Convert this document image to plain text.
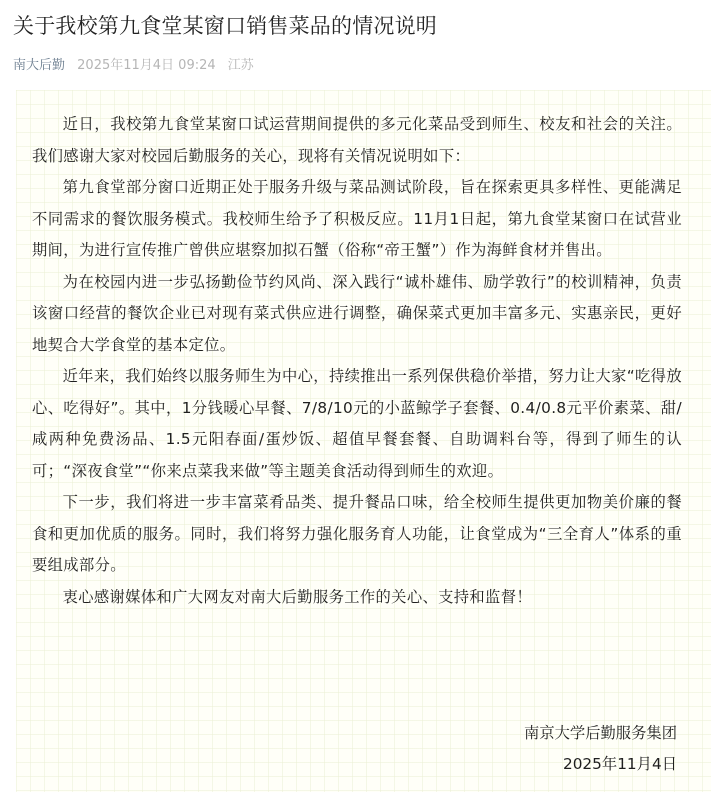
关于我校第九食堂某窗口销售菜品的情况说明
南大后勤 2025年11月4日 09:24 江苏

近日，我校第九食堂某窗口试运营期间提供的多元化菜品受到师生、校友和社会的关注。我们感谢大家对校园后勤服务的关心，现将有关情况说明如下：

第九食堂部分窗口近期正处于服务升级与菜品测试阶段，旨在探索更具多样性、更能满足不同需求的餐饮服务模式。我校师生给予了积极反应。11月1日起，第九食堂某窗口在试营业期间，为进行宣传推广曾供应堪察加拟石蟹（俗称“帝王蟹”）作为海鲜食材并售出。

为在校园内进一步弘扬勤俭节约风尚、深入践行“诚朴雄伟、励学敦行”的校训精神，负责该窗口经营的餐饮企业已对现有菜式供应进行调整，确保菜式更加丰富多元、实惠亲民，更好地契合大学食堂的基本定位。

近年来，我们始终以服务师生为中心，持续推出一系列保供稳价举措，努力让大家“吃得放心、吃得好”。其中，1分钱暖心早餐、7/8/10元的小蓝鲸学子套餐、0.4/0.8元平价素菜、甜/咸两种免费汤品、1.5元阳春面/蛋炒饭、超值早餐套餐、自助调料台等，得到了师生的认可；“深夜食堂”“你来点菜我来做”等主题美食活动得到师生的欢迎。

下一步，我们将进一步丰富菜肴品类、提升餐品口味，给全校师生提供更加物美价廉的餐食和更加优质的服务。同时，我们将努力强化服务育人功能，让食堂成为“三全育人”体系的重要组成部分。

衷心感谢媒体和广大网友对南大后勤服务工作的关心、支持和监督！

南京大学后勤服务集团
2025年11月4日
